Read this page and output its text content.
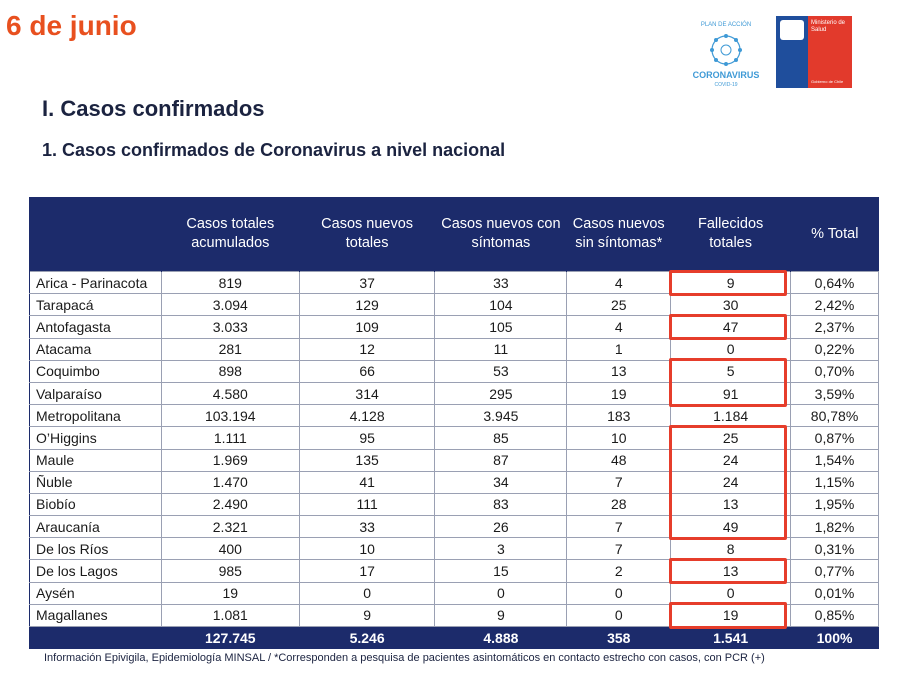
6 de junio	PLAN DE ACCIÓN
CORONAVIRUS
COVID-19
Ministerio de Salud
Gobierno de Chile
I. Casos confirmados
1. Casos confirmados de Coronavirus a nivel nacional
	Casos totales acumulados	Casos nuevos totales	Casos nuevos con síntomas	Casos nuevos sin síntomas*	Fallecidos totales	% Total
Arica - Parinacota	819	37	33	4	9	0,64%
Tarapacá	3.094	129	104	25	30	2,42%
Antofagasta	3.033	109	105	4	47	2,37%
Atacama	281	12	11	1	0	0,22%
Coquimbo	898	66	53	13	5	0,70%
Valparaíso	4.580	314	295	19	91	3,59%
Metropolitana	103.194	4.128	3.945	183	1.184	80,78%
O’Higgins	1.111	95	85	10	25	0,87%
Maule	1.969	135	87	48	24	1,54%
Ñuble	1.470	41	34	7	24	1,15%
Biobío	2.490	111	83	28	13	1,95%
Araucanía	2.321	33	26	7	49	1,82%
De los Ríos	400	10	3	7	8	0,31%
De los Lagos	985	17	15	2	13	0,77%
Aysén	19	0	0	0	0	0,01%
Magallanes	1.081	9	9	0	19	0,85%
	127.745	5.246	4.888	358	1.541	100%
Información Epivigila, Epidemiología MINSAL / *Corresponden a pesquisa de pacientes asintomáticos en contacto estrecho con casos, con PCR (+)
